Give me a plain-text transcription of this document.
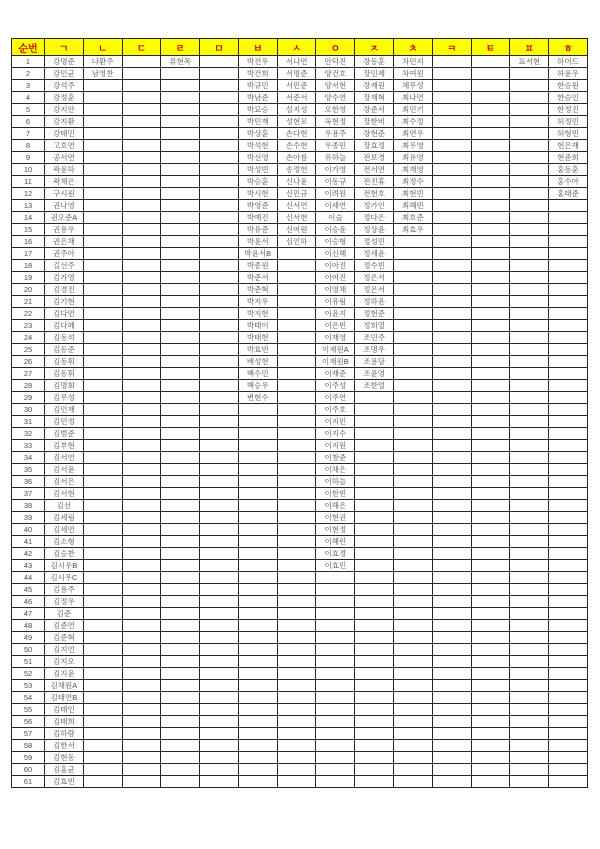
순번	ㄱ	ㄴ	ㄷ	ㄹ	ㅁ	ㅂ	ㅅ	ㅇ	ㅈ	ㅊ	ㅋ	ㅌ	ㅍ	ㅎ
1	강명준	나환주		류현목		박건우	서나연	안덕진	장동훈	차민지			표서현	하미드
2	강민균	남영찬				박건희	서명준	양건호	장민제	차여원				하윤우
3	강석주					박규민	서민준	양서현	장재원	채무성				한승원
4	강정훈					박남준	서준서	양수연	장재혁	최나연				한승인
5	강지안					박묘승	설지성	오한영	장준서	최민기				한정진
6	강지환					박민재	성현모	옥현정	장한비	최수정				허정민
7	강태민					박상훈	손다현	우용주	장현준	최연우				허형빈
8	고호연					박석현	손수현	우종민	장효정	최우영				현은재
9	공서연					박선영	손아름	유하늘	전보경	최유영				현준희
10	곽윤하					박성빈	송정헌	이가영	전서연	최재영				홍동훈
11	곽채은					박승훈	신나윤	이동규	전진휴	최정수				홍수아
12	구시원					박시현	신민규	이려원	전현호	최현빈				홍태준
13	권나영					박영준	신서연	이세연	정가인	최혜빈				
14	권오준A					박예진	신서현	이슬	정다은	최호준				
15	권용우					박유준	신여원	이승윤	정상윤	최효우				
16	권은채					박윤서	심인하	이승형	정성민					
17	권주아					박윤서B		이신혜	정세윤					
18	길선주					박종원		이아진	정수빈					
19	김가영					박준서		이어진	정은서					
20	김경진					박준혁		이영채	정은서					
21	김기현					박지우		이유림	정하윤					
22	김다연					박지현		이윤지	정현준					
23	김다혜					박태이		이은빈	정희열					
24	김동석					박태현		이재영	조민주					
25	김동준					박효빈		이재원A	조명우					
26	김동휘					배성현		이재원B	조용담					
27	김동휘					백수민		이재준	조윤영					
28	김명회					백승우		이주성	조한얼					
29	김무성					변현수		이주연						
30	김민재							이주호						
31	김민정							이지민						
32	김범준							이지수						
33	김부현							이지원						
34	김서연							이창준						
35	김서윤							이채은						
36	김서은							이하늘						
37	김서현							이한빈						
38	김선							이해은						
39	김세림							이현권						
40	김세연							이현정						
41	김소형							이혜린						
42	김승찬							이효경						
43	김시우B							이효민						
44	김시우C													
45	김용주													
46	김정우													
47	김준													
48	김준연													
49	김준혁													
50	김지언													
51	김지오													
52	김지윤													
53	김채원A													
54	김태연B													
55	김태인													
56	김태희													
57	김하람													
58	김한서													
59	김현동													
60	김홍균													
61	김효빈													
